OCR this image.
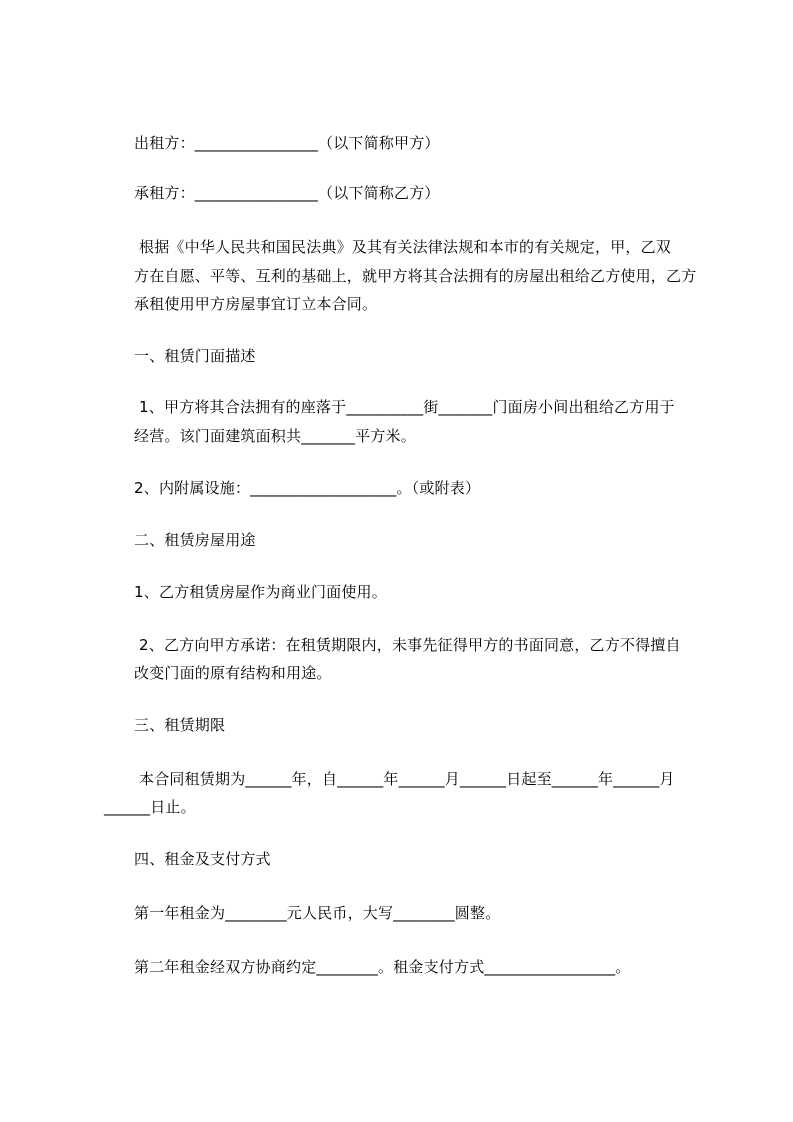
出租方：________________（以下简称甲方）
承租方：________________（以下简称乙方）
根据《中华人民共和国民法典》及其有关法律法规和本市的有关规定，甲，乙双
方在自愿、平等、互利的基础上，就甲方将其合法拥有的房屋出租给乙方使用，乙方
承租使用甲方房屋事宜订立本合同。
一、租赁门面描述
1、甲方将其合法拥有的座落于__________街_______门面房小间出租给乙方用于
经营。该门面建筑面积共_______平方米。
2、内附属设施：___________________。（或附表）
二、租赁房屋用途
1、乙方租赁房屋作为商业门面使用。
2、乙方向甲方承诺：在租赁期限内，未事先征得甲方的书面同意，乙方不得擅自
改变门面的原有结构和用途。
三、租赁期限
本合同租赁期为______年，自______年______月______日起至______年______月
______日止。
四、租金及支付方式
第一年租金为________元人民币，大写________圆整。
第二年租金经双方协商约定________。租金支付方式_________________。
